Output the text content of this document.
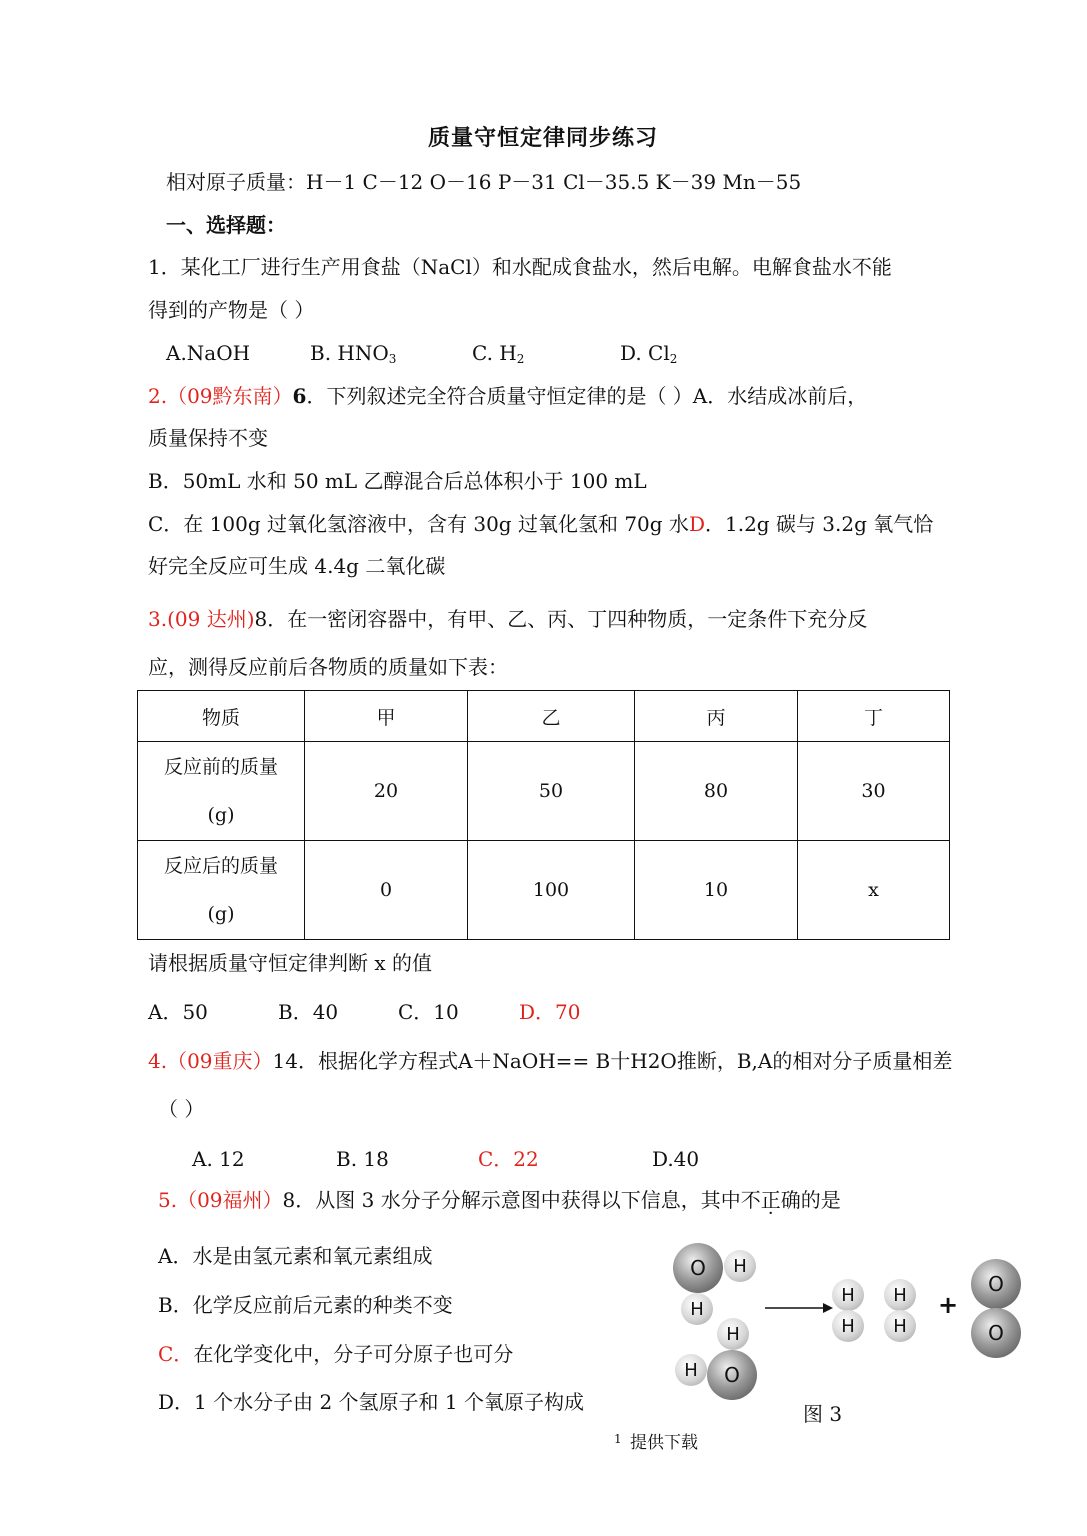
质量守恒定律同步练习
相对原子质量：H－1 C－12 O－16 P－31 Cl－35.5 K－39 Mn－55
一、选择题：
1．某化工厂进行生产用食盐（NaCl）和水配成食盐水，然后电解。电解食盐水不能
得到的产物是（ ）
A.NaOH	B. $HNO_3$	C. $H_2$	D. $Cl_2$
2.（09黔东南）6．下列叙述完全符合质量守恒定律的是（ ）A．水结成冰前后，
质量保持不变
B．50mL 水和 50 mL 乙醇混合后总体积小于 100 mL
C．在 100g 过氧化氢溶液中，含有 30g 过氧化氢和 70g 水D．1.2g 碳与 3.2g 氧气恰
好完全反应可生成 4.4g 二氧化碳
3.(09 达州)8．在一密闭容器中，有甲、乙、丙、丁四种物质，一定条件下充分反
应，测得反应前后各物质的质量如下表：
物质	甲	乙	丙	丁

反应前的质量
(g)	20	50	80	30

反应后的质量
(g)	0	100	10	x
请根据质量守恒定律判断 x 的值
A．50	B．40	C．10	D．70
4.（09重庆）14．根据化学方程式A＋NaOH== B十H2O推断，B,A的相对分子质量相差
（ ）
A. 12	B. 18	C．22	D.40
5.（09福州）8．从图 3 水分子分解示意图中获得以下信息，其中不正确的是
A．水是由氢元素和氧元素组成
B．化学反应前后元素的种类不变
C．在化学变化中，分子可分原子也可分
D．1 个水分子由 2 个氢原子和 1 个氧原子构成
O	H
H
H
O
H
H
H
H
H
+
O
O
图 3
1 提供下载
